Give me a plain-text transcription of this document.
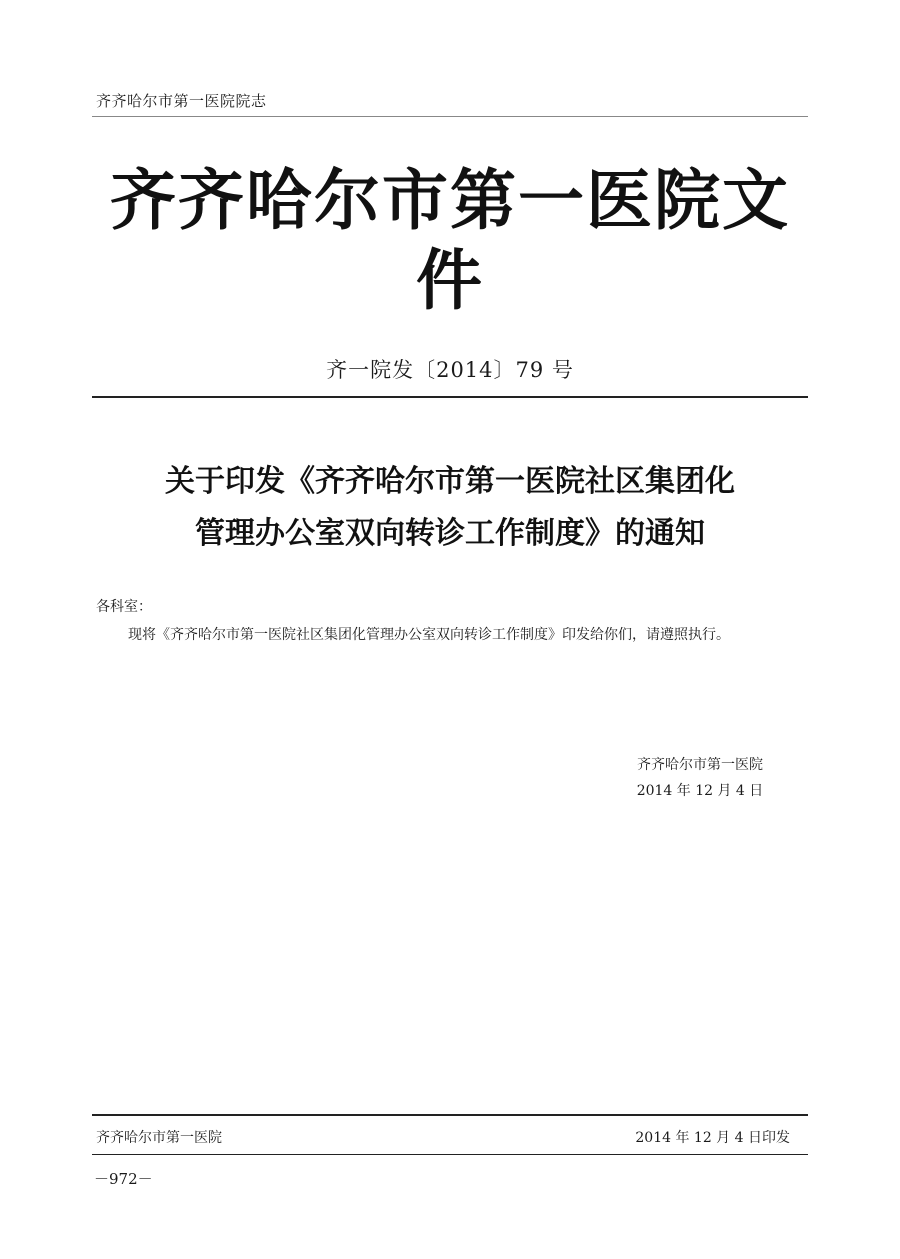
齐齐哈尔市第一医院院志
齐齐哈尔市第一医院文件
齐一院发〔2014〕79 号
关于印发《齐齐哈尔市第一医院社区集团化
管理办公室双向转诊工作制度》的通知
各科室：
现将《齐齐哈尔市第一医院社区集团化管理办公室双向转诊工作制度》印发给你们，请遵照执行。
齐齐哈尔市第一医院
2014 年 12 月 4 日
齐齐哈尔市第一医院	2014 年 12 月 4 日印发
－972－
